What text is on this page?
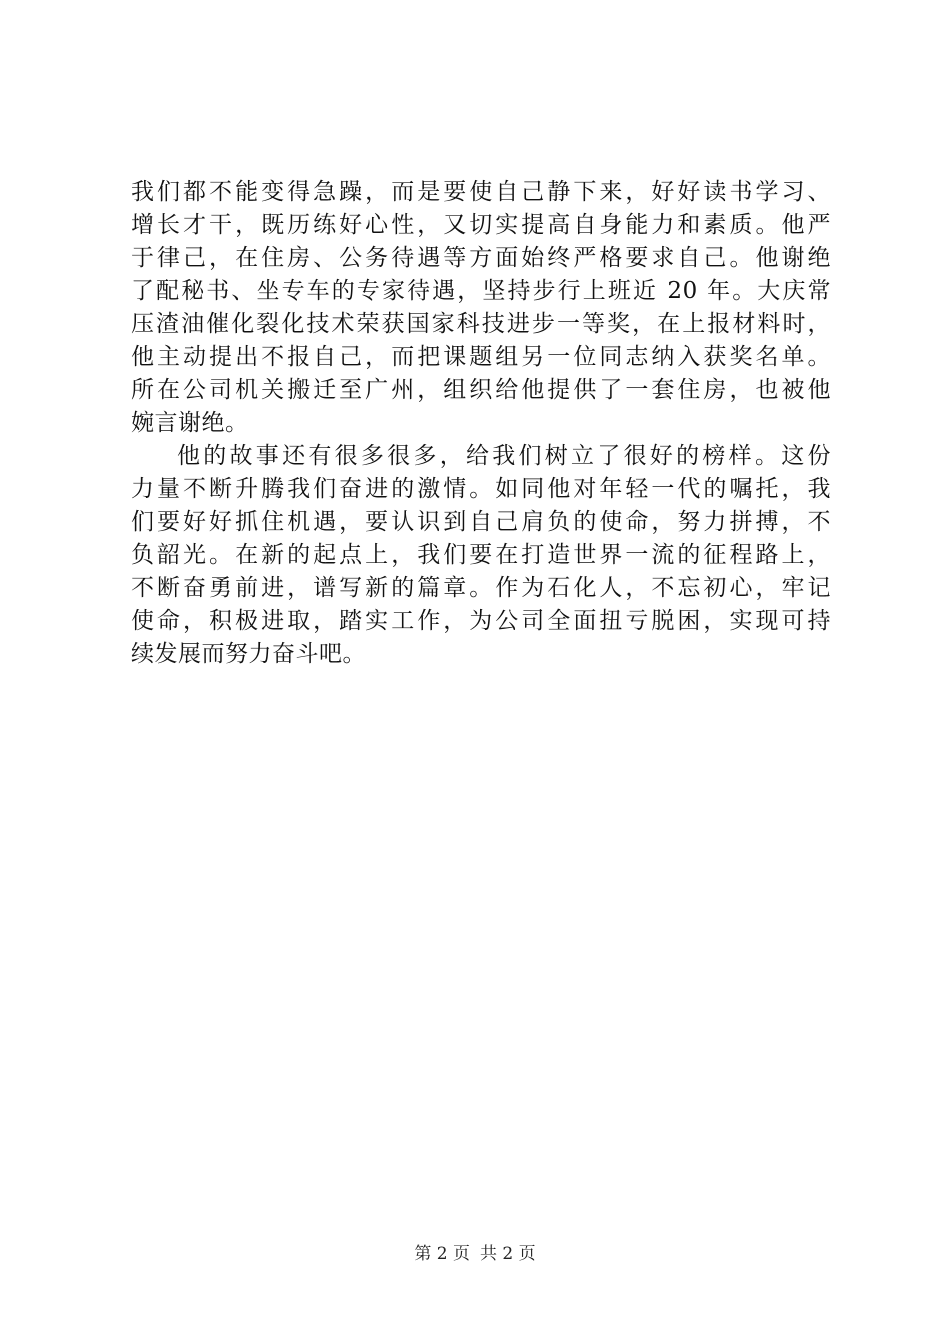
我们都不能变得急躁，而是要使自己静下来，好好读书学习、
增长才干，既历练好心性，又切实提高自身能力和素质。他严
于律己，在住房、公务待遇等方面始终严格要求自己。他谢绝
了配秘书、坐专车的专家待遇，坚持步行上班近 20 年。大庆常
压渣油催化裂化技术荣获国家科技进步一等奖，在上报材料时，
他主动提出不报自己，而把课题组另一位同志纳入获奖名单。
所在公司机关搬迁至广州，组织给他提供了一套住房，也被他
婉言谢绝。
他的故事还有很多很多，给我们树立了很好的榜样。这份
力量不断升腾我们奋进的激情。如同他对年轻一代的嘱托，我
们要好好抓住机遇，要认识到自己肩负的使命，努力拼搏，不
负韶光。在新的起点上，我们要在打造世界一流的征程路上，
不断奋勇前进，谱写新的篇章。作为石化人，不忘初心，牢记
使命，积极进取，踏实工作，为公司全面扭亏脱困，实现可持
续发展而努力奋斗吧。
第 2 页 共 2 页
